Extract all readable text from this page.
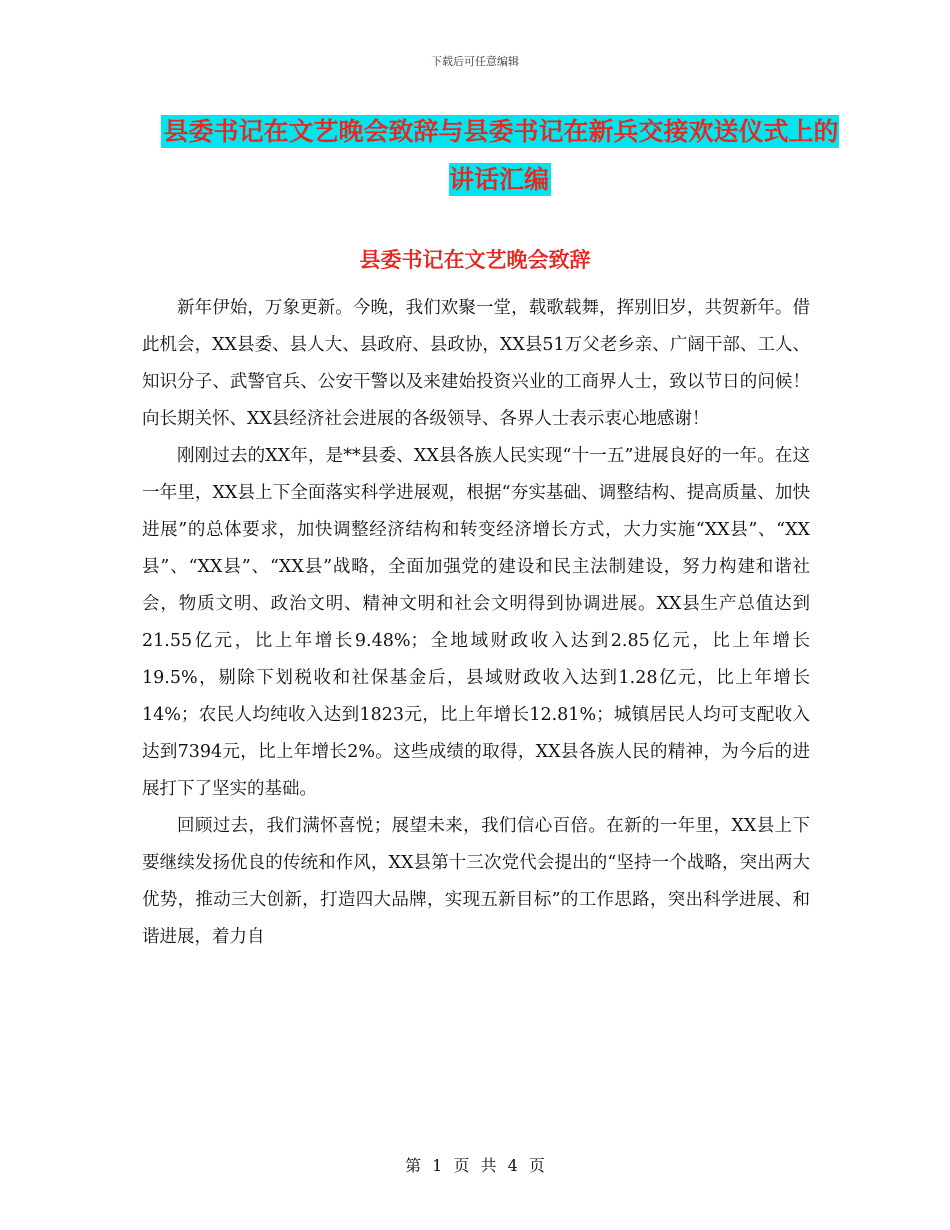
下载后可任意编辑
县委书记在文艺晚会致辞与县委书记在新兵交接欢送仪式上的讲话汇编
县委书记在文艺晚会致辞

新年伊始，万象更新。今晚，我们欢聚一堂，载歌载舞，挥别旧岁，共贺新年。借此机会，XX县委、县人大、县政府、县政协，XX县51万父老乡亲、广阔干部、工人、知识分子、武警官兵、公安干警以及来建始投资兴业的工商界人士，致以节日的问候！向长期关怀、XX县经济社会进展的各级领导、各界人士表示衷心地感谢！

刚刚过去的XX年，是**县委、XX县各族人民实现“十一五”进展良好的一年。在这一年里，XX县上下全面落实科学进展观，根据“夯实基础、调整结构、提高质量、加快进展”的总体要求，加快调整经济结构和转变经济增长方式，大力实施“XX县”、“XX县”、“XX县”、“XX县”战略，全面加强党的建设和民主法制建设，努力构建和谐社会，物质文明、政治文明、精神文明和社会文明得到协调进展。XX县生产总值达到21.55亿元，比上年增长9.48%；全地域财政收入达到2.85亿元，比上年增长19.5%，剔除下划税收和社保基金后，县域财政收入达到1.28亿元，比上年增长14%；农民人均纯收入达到1823元，比上年增长12.81%；城镇居民人均可支配收入达到7394元，比上年增长2%。这些成绩的取得，XX县各族人民的精神，为今后的进展打下了坚实的基础。

回顾过去，我们满怀喜悦；展望未来，我们信心百倍。在新的一年里，XX县上下要继续发扬优良的传统和作风，XX县第十三次党代会提出的“坚持一个战略，突出两大优势，推动三大创新，打造四大品牌，实现五新目标”的工作思路，突出科学进展、和谐进展，着力自

第 1 页 共 4 页
